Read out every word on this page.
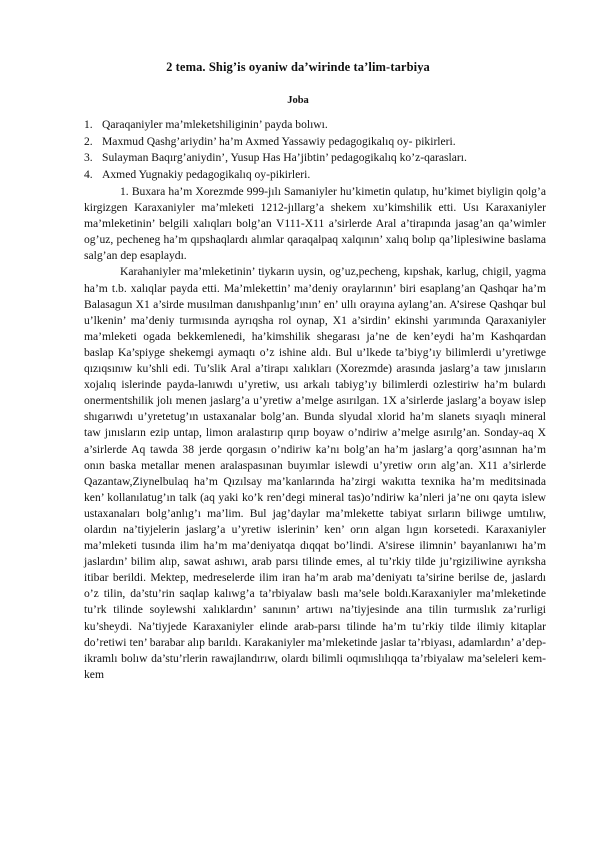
2 tema. Shig’is oyaniw da’wirinde ta’lim-tarbiya
Joba
1. Qaraqaniyler ma’mleketshiliginin’ payda bolıwı.
2. Maxmud Qashg’ariydin’ ha’m Axmed Yassawiy pedagogikalıq oy- pikirleri.
3. Sulayman Baqırg’aniydin’, Yusup Has Ha’jibtin’ pedagogikalıq ko’z-qarasları.
4. Axmed Yugnakiy pedagogikalıq oy-pikirleri.

1. Buxara ha’m Xorezmde 999-jılı Samaniyler hu’kimetin qulatıp, hu’kimet biyligin qolg’a kirgizgen Karaxaniyler ma’mleketi 1212-jıllarg’a shekem xu’kimshilik etti. Usı Karaxaniyler ma’mleketinin’ belgili xalıqları bolg’an V111-X11 a’sirlerde Aral a’tirapında jasag’an qa’wimler og’uz, pecheneg ha’m qıpshaqlardı alımlar qaraqalpaq xalqının’ xalıq bolıp qa’liplesiwine baslama salg’an dep esaplaydı.

Karahaniyler ma’mleketinin’ tiykarın uysin, og’uz,pecheng, kıpshak, karlug, chigil, yagma ha’m t.b. xalıqlar payda etti. Ma’mlekettin’ ma’deniy oraylarının’ biri esaplang’an Qashqar ha’m Balasagun X1 a’sirde musılman danıshpanlıg’ının’ en’ ullı orayına aylang’an. A’sirese Qashqar bul u’lkenin’ ma’deniy turmısında ayrıqsha rol oynap, X1 a’sirdin’ ekinshi yarımında Qaraxaniyler ma’mleketi ogada bekkemlenedi, ha’kimshilik shegarası ja’ne de ken’eydi ha’m Kashqardan baslap Ka’spiyge shekemgi aymaqtı o’z ishine aldı. Bul u’lkede ta’biyg’ıy bilimlerdi u’yretiwge qızıqsınıw ku’shli edi. Tu’slik Aral a’tirapı xalıkları (Xorezmde) arasında jaslarg’a taw jınısların xojalıq islerinde payda-lanıwdı u’yretiw, usı arkalı tabiyg’ıy bilimlerdi ozlestiriw ha’m bulardı onermentshilik jolı menen jaslarg’a u’yretiw a’melge asırılgan. 1X a’sirlerde jaslarg’a boyaw islep shıgarıwdı u’yretetug’ın ustaxanalar bolg’an. Bunda slyudal xlorid ha’m slanets sıyaqlı mineral taw jınısların ezip untap, limon aralastırıp qırıp boyaw o’ndiriw a’melge asırılg’an. Sonday-aq X a’sirlerde Aq tawda 38 jerde qorgasın o’ndiriw ka’nı bolg’an ha’m jaslarg’a qorg’asınnan ha’m onın baska metallar menen aralaspasınan buyımlar islewdi u’yretiw orın alg’an. X11 a’sirlerde Qazantaw,Ziynelbulaq ha’m Qızılsay ma’kanlarında ha’zirgi wakıtta texnika ha’m meditsinada ken’ kollanılatug’ın talk (aq yaki ko’k ren’degi mineral tas)o’ndiriw ka’nleri ja’ne onı qayta islew ustaxanaları bolg’anlıg’ı ma’lim. Bul jag’daylar ma’mlekette tabiyat sırların biliwge umtılıw, olardın na’tiyjelerin jaslarg’a u’yretiw islerinin’ ken’ orın algan lıgın korsetedi. Karaxaniyler ma’mleketi tusında ilim ha’m ma’deniyatqa dıqqat bo’lindi. A’sirese ilimnin’ bayanlanıwı ha’m jaslardın’ bilim alıp, sawat ashıwı, arab parsı tilinde emes, al tu’rkiy tilde ju’rgiziliwine ayrıksha itibar berildi. Mektep, medreselerde ilim iran ha’m arab ma’deniyatı ta’sirine berilse de, jaslardı o’z tilin, da’stu’rin saqlap kalıwg’a ta’rbiyalaw baslı ma’sele boldı.Karaxaniyler ma’mleketinde tu’rk tilinde soylewshi xalıklardın’ sanının’ artıwı na’tiyjesinde ana tilin turmıslık za’rurligi ku’sheydi. Na’tiyjede Karaxaniyler elinde arab-parsı tilinde ha’m tu’rkiy tilde ilimiy kitaplar do’retiwi ten’ barabar alıp barıldı. Karakaniyler ma’mleketinde jaslar ta’rbiyası, adamlardın’ a’dep- ikramlı bolıw da’stu’rlerin rawajlandırıw, olardı bilimli oqımıslılıqqa ta’rbiyalaw ma’seleleri kem-kem
